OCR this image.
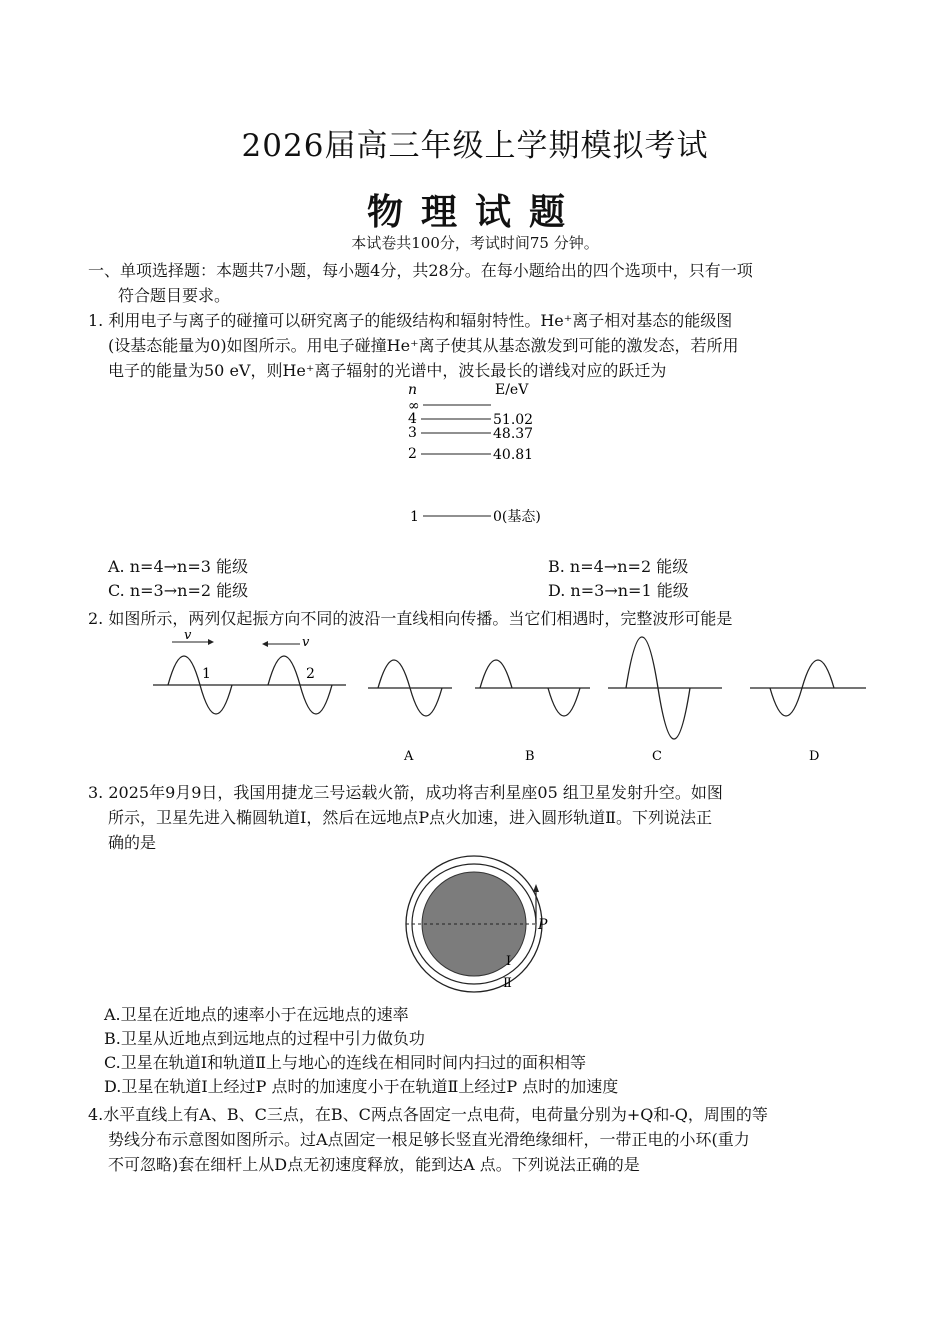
2026届高三年级上学期模拟考试
物理试题
本试卷共100分，考试时间75 分钟。
一、单项选择题：本题共7小题，每小题4分，共28分。在每小题给出的四个选项中，只有一项
符合题目要求。
1. 利用电子与离子的碰撞可以研究离子的能级结构和辐射特性。He⁺离子相对基态的能级图
(设基态能量为0)如图所示。用电子碰撞He⁺离子使其从基态激发到可能的激发态，若所用
电子的能量为50 eV，则He⁺离子辐射的光谱中，波长最长的谱线对应的跃迁为
n	E/eV
∞
4	51.02
3	48.37
2	40.81
1	0(基态)
A. n=4→n=3 能级	B. n=4→n=2 能级
C. n=3→n=2 能级	D. n=3→n=1 能级
2. 如图所示，两列仅起振方向不同的波沿一直线相向传播。当它们相遇时，完整波形可能是
v	v
1	2
A	B	C	D
3. 2025年9月9日，我国用捷龙三号运载火箭，成功将吉利星座05 组卫星发射升空。如图
所示，卫星先进入椭圆轨道Ⅰ，然后在远地点P点火加速，进入圆形轨道Ⅱ。下列说法正
确的是
P
Ⅰ
Ⅱ
A.卫星在近地点的速率小于在远地点的速率
B.卫星从近地点到远地点的过程中引力做负功
C.卫星在轨道Ⅰ和轨道Ⅱ上与地心的连线在相同时间内扫过的面积相等
D.卫星在轨道Ⅰ上经过P 点时的加速度小于在轨道Ⅱ上经过P 点时的加速度
4.水平直线上有A、B、C三点，在B、C两点各固定一点电荷，电荷量分别为+Q和-Q，周围的等
势线分布示意图如图所示。过A点固定一根足够长竖直光滑绝缘细杆，一带正电的小环(重力
不可忽略)套在细杆上从D点无初速度释放，能到达A 点。下列说法正确的是
